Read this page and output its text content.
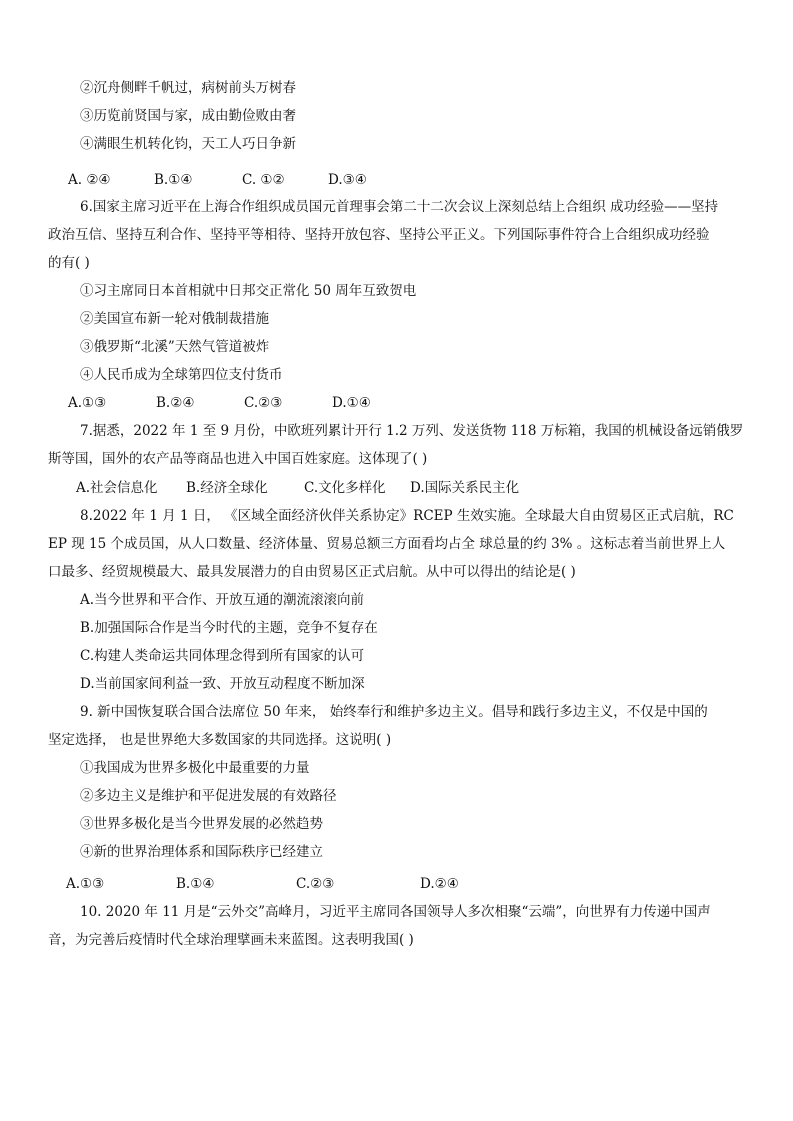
②沉舟侧畔千帆过，病树前头万树春
③历览前贤国与家，成由勤俭败由奢
④满眼生机转化钧，天工人巧日争新
A. ②④	B.①④	C. ①②	D.③④
6.国家主席习近平在上海合作组织成员国元首理事会第二十二次会议上深刻总结上合组织 成功经验——坚持
政治互信、坚持互利合作、坚持平等相待、坚持开放包容、坚持公平正义。下列国际事件符合上合组织成功经验
的有( )
①习主席同日本首相就中日邦交正常化 50 周年互致贺电
②美国宣布新一轮对俄制裁措施
③俄罗斯“北溪”天然气管道被炸
④人民币成为全球第四位支付货币
A.①③	B.②④	C.②③	D.①④
7.据悉，2022 年 1 至 9 月份，中欧班列累计开行 1.2 万列、发送货物 118 万标箱，我国的机械设备远销俄罗
斯等国，国外的农产品等商品也进入中国百姓家庭。这体现了( )
A.社会信息化 B.经济全球化	C.文化多样化 D.国际关系民主化
8.2022 年 1 月 1 日， 《区域全面经济伙伴关系协定》RCEP 生效实施。全球最大自由贸易区正式启航，RC
EP 现 15 个成员国，从人口数量、经济体量、贸易总额三方面看均占全 球总量的约 3% 。这标志着当前世界上人
口最多、经贸规模最大、最具发展潜力的自由贸易区正式启航。从中可以得出的结论是( )
A.当今世界和平合作、开放互通的潮流滚滚向前
B.加强国际合作是当今时代的主题，竞争不复存在
C.构建人类命运共同体理念得到所有国家的认可
D.当前国家间利益一致、开放互动程度不断加深
9. 新中国恢复联合国合法席位 50 年来， 始终奉行和维护多边主义。倡导和践行多边主义，不仅是中国的
坚定选择， 也是世界绝大多数国家的共同选择。这说明( )
①我国成为世界多极化中最重要的力量
②多边主义是维护和平促进发展的有效路径
③世界多极化是当今世界发展的必然趋势
④新的世界治理体系和国际秩序已经建立
A.①③	B.①④	C.②③	D.②④
10. 2020 年 11 月是“云外交”高峰月，习近平主席同各国领导人多次相聚“云端”，向世界有力传递中国声
音，为完善后疫情时代全球治理擘画未来蓝图。这表明我国( )
